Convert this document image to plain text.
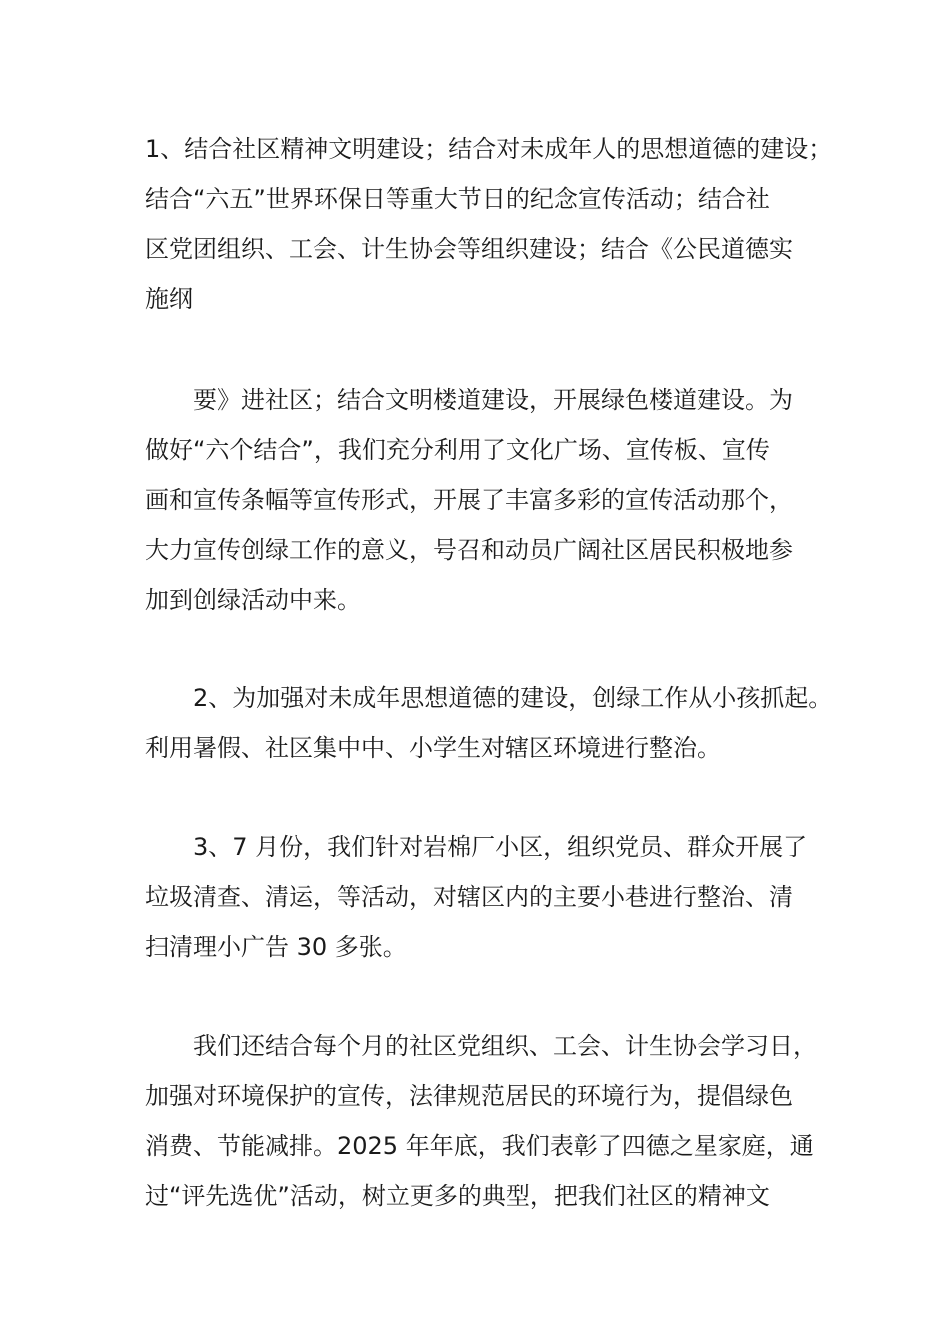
1、结合社区精神文明建设；结合对未成年人的思想道德的建设；
结合“六五”世界环保日等重大节日的纪念宣传活动；结合社
区党团组织、工会、计生协会等组织建设；结合《公民道德实
施纲
要》进社区；结合文明楼道建设，开展绿色楼道建设。为
做好“六个结合”，我们充分利用了文化广场、宣传板、宣传
画和宣传条幅等宣传形式，开展了丰富多彩的宣传活动那个，
大力宣传创绿工作的意义，号召和动员广阔社区居民积极地参
加到创绿活动中来。
2、为加强对未成年思想道德的建设，创绿工作从小孩抓起。
利用暑假、社区集中中、小学生对辖区环境进行整治。
3、7 月份，我们针对岩棉厂小区，组织党员、群众开展了
垃圾清查、清运，等活动，对辖区内的主要小巷进行整治、清
扫清理小广告 30 多张。
我们还结合每个月的社区党组织、工会、计生协会学习日，
加强对环境保护的宣传，法律规范居民的环境行为，提倡绿色
消费、节能减排。2025 年年底，我们表彰了四德之星家庭，通
过“评先选优”活动，树立更多的典型，把我们社区的精神文
